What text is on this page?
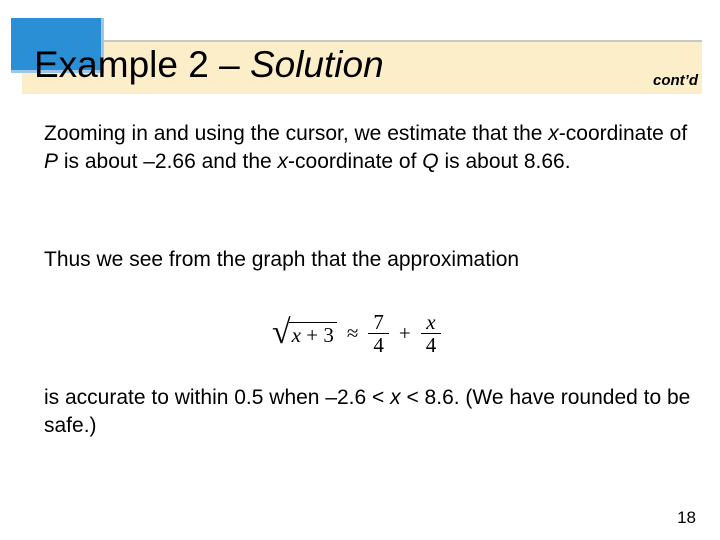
Example 2 – Solution	cont’d
Zooming in and using the cursor, we estimate that the x-coordinate of P is about –2.66 and the x-coordinate of Q is about 8.66.
Thus we see from the graph that the approximation
√ $x + 3 \approx \frac{7}{4} + \frac{x}{4}$
is accurate to within 0.5 when –2.6 < x < 8.6. (We have rounded to be safe.)
18
